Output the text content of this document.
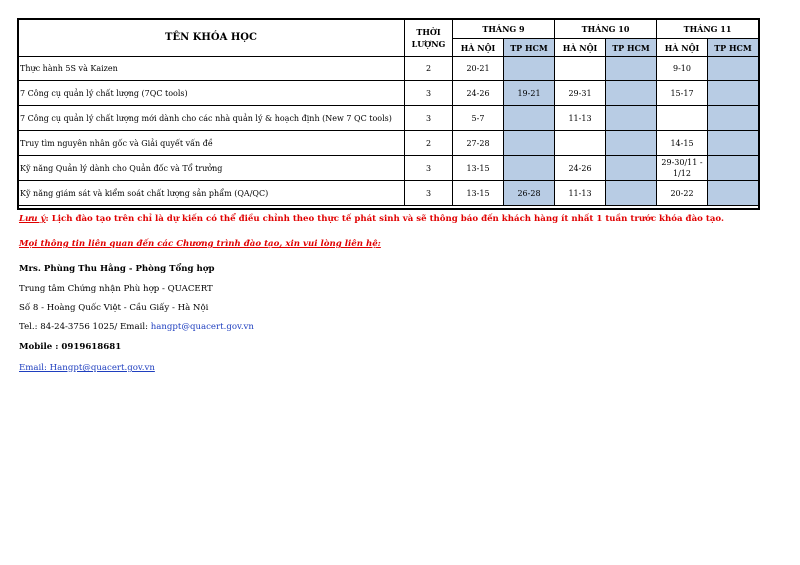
TÊN KHÓA HỌC	THỜI
LƯỢNG	THÁNG 9		THÁNG 10		THÁNG 11	
		HÀ NỘI	TP HCM	HÀ NỘI	TP HCM	HÀ NỘI	TP HCM
Thực hành 5S và Kaizen	2	20-21				9-10	
7 Công cụ quản lý chất lượng (7QC tools)	3	24-26	19-21	29-31		15-17	
7 Công cụ quản lý chất lượng mới dành cho các nhà quản lý & hoạch định (New 7 QC tools)	3	5-7		11-13			
Truy tìm nguyên nhân gốc và Giải quyết vấn đề	2	27-28				14-15	
Kỹ năng Quản lý dành cho Quản đốc và Tổ trưởng	3	13-15		24-26		29-30/11 - 1/12	
Kỹ năng giám sát và kiểm soát chất lượng sản phẩm (QA/QC)	3	13-15	26-28	11-13		20-22	
Lưu ý: Lịch đào tạo trên chỉ là dự kiến có thể điều chỉnh theo thực tế phát sinh và sẽ thông báo đến khách hàng ít nhất 1 tuần trước khóa đào tạo.
Mọi thông tin liên quan đến các Chương trình đào tạo, xin vui lòng liên hệ:
Mrs. Phùng Thu Hằng - Phòng Tổng hợp
Trung tâm Chứng nhận Phù hợp - QUACERT
Số 8 - Hoàng Quốc Việt - Cầu Giấy - Hà Nội
Tel.: 84-24-3756 1025/ Email: hangpt@quacert.gov.vn
Mobile : 0919618681
Email: Hangpt@quacert.gov.vn
